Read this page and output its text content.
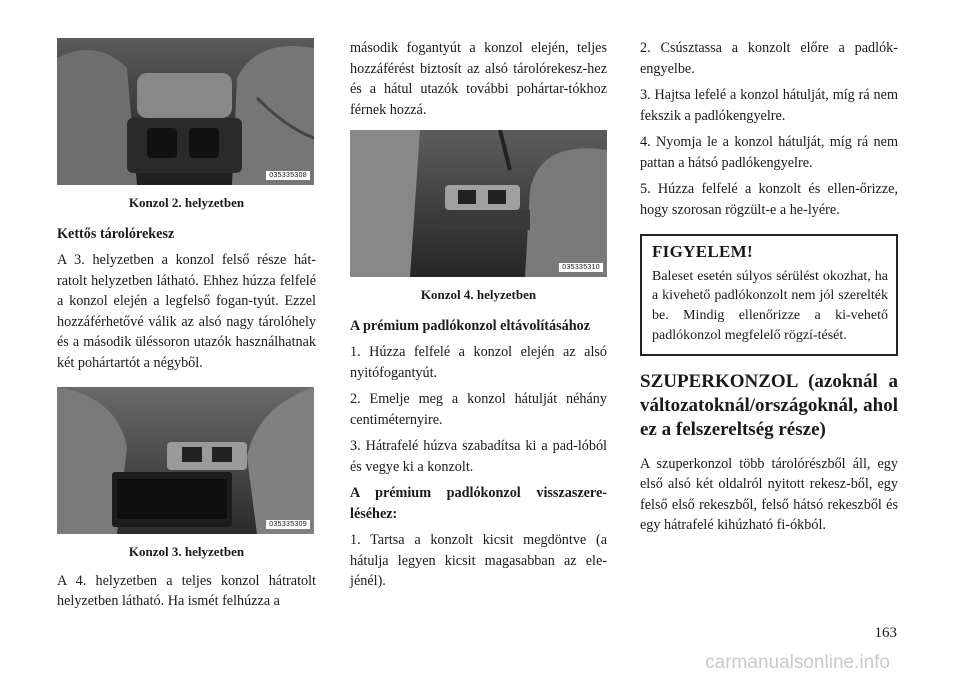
035335308

Konzol 2. helyzetben

Kettős tárolórekesz

A 3. helyzetben a konzol felső része hát-ratolt helyzetben látható. Ehhez húzza felfelé a konzol elején a legfelső fogan-tyút. Ezzel hozzáférhetővé válik az alsó nagy tárolóhely és a második üléssoron utazók használhatnak két pohártartót a négyből.

035335309

Konzol 3. helyzetben

A 4. helyzetben a teljes konzol hátratolt helyzetben látható. Ha ismét felhúzza a

második fogantyút a konzol elején, teljes hozzáférést biztosít az alsó tárolórekesz-hez és a hátul utazók további pohártar-tókhoz férnek hozzá.

035335310

Konzol 4. helyzetben

A prémium padlókonzol eltávolításához

1. Húzza felfelé a konzol elején az alsó nyitófogantyút.

2. Emelje meg a konzol hátulját néhány centiméternyire.

3. Hátrafelé húzva szabadítsa ki a pad-lóból és vegye ki a konzolt.

A prémium padlókonzol visszaszere-léséhez:

1. Tartsa a konzolt kicsit megdöntve (a hátulja legyen kicsit magasabban az ele-jénél).

2. Csúsztassa a konzolt előre a padlók-engyelbe.

3. Hajtsa lefelé a konzol hátulját, míg rá nem fekszik a padlókengyelre.

4. Nyomja le a konzol hátulját, míg rá nem pattan a hátsó padlókengyelre.

5. Húzza felfelé a konzolt és ellen-őrizze, hogy szorosan rögzült-e a he-lyére.

FIGYELEM!

Baleset esetén súlyos sérülést okozhat, ha a kivehető padlókonzolt nem jól szerelték be. Mindig ellenőrizze a ki-vehető padlókonzol megfelelő rögzí-tését.

SZUPERKONZOL (azoknál a változatoknál/országoknál, ahol ez a felszereltség része)

A szuperkonzol több tárolórészből áll, egy első alsó két oldalról nyitott rekesz-ből, egy felső első rekeszből, felső hátsó rekeszből és egy hátrafelé kihúzható fi-ókból.

163
carmanualsonline.info
